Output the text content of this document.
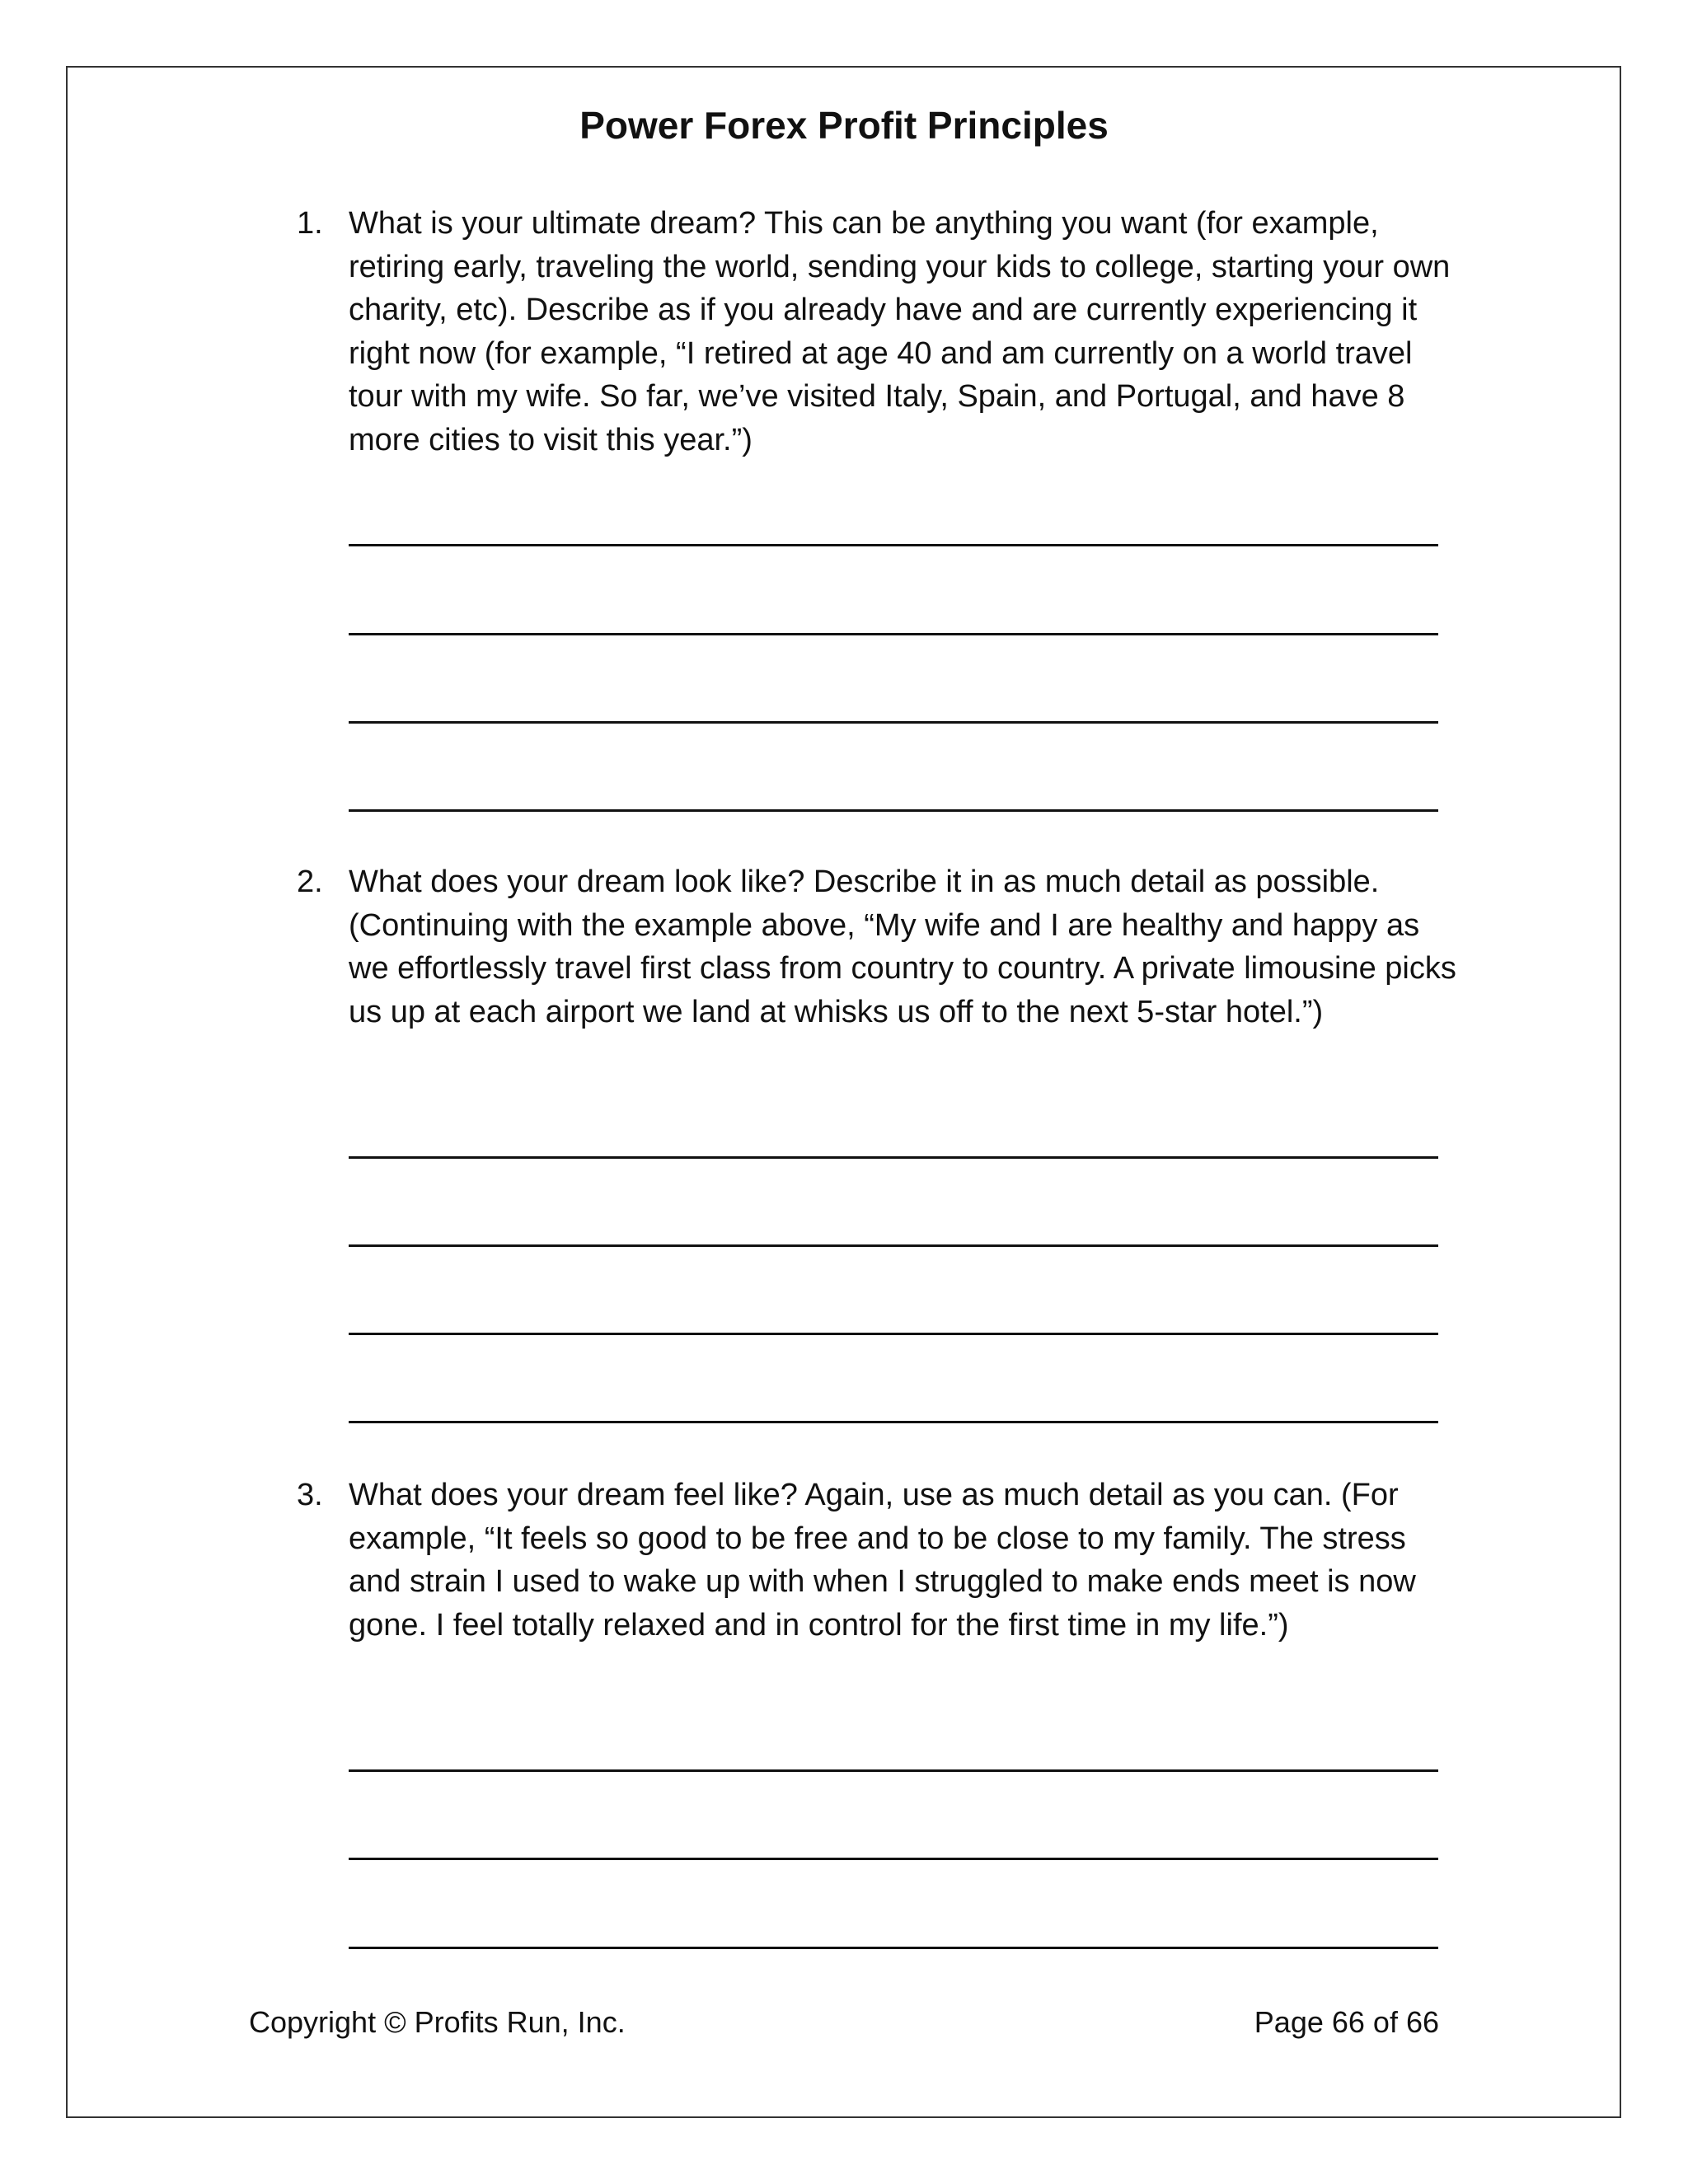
Power Forex Profit Principles
1. What is your ultimate dream? This can be anything you want (for example, retiring early, traveling the world, sending your kids to college, starting your own charity, etc). Describe as if you already have and are currently experiencing it right now (for example, “I retired at age 40 and am currently on a world travel tour with my wife. So far, we’ve visited Italy, Spain, and Portugal, and have 8 more cities to visit this year.”)

2. What does your dream look like? Describe it in as much detail as possible. (Continuing with the example above, “My wife and I are healthy and happy as we effortlessly travel first class from country to country. A private limousine picks us up at each airport we land at whisks us off to the next 5-star hotel.”)

3. What does your dream feel like? Again, use as much detail as you can. (For example, “It feels so good to be free and to be close to my family. The stress and strain I used to wake up with when I struggled to make ends meet is now gone. I feel totally relaxed and in control for the first time in my life.”)

Copyright © Profits Run, Inc.	Page 66 of 66
